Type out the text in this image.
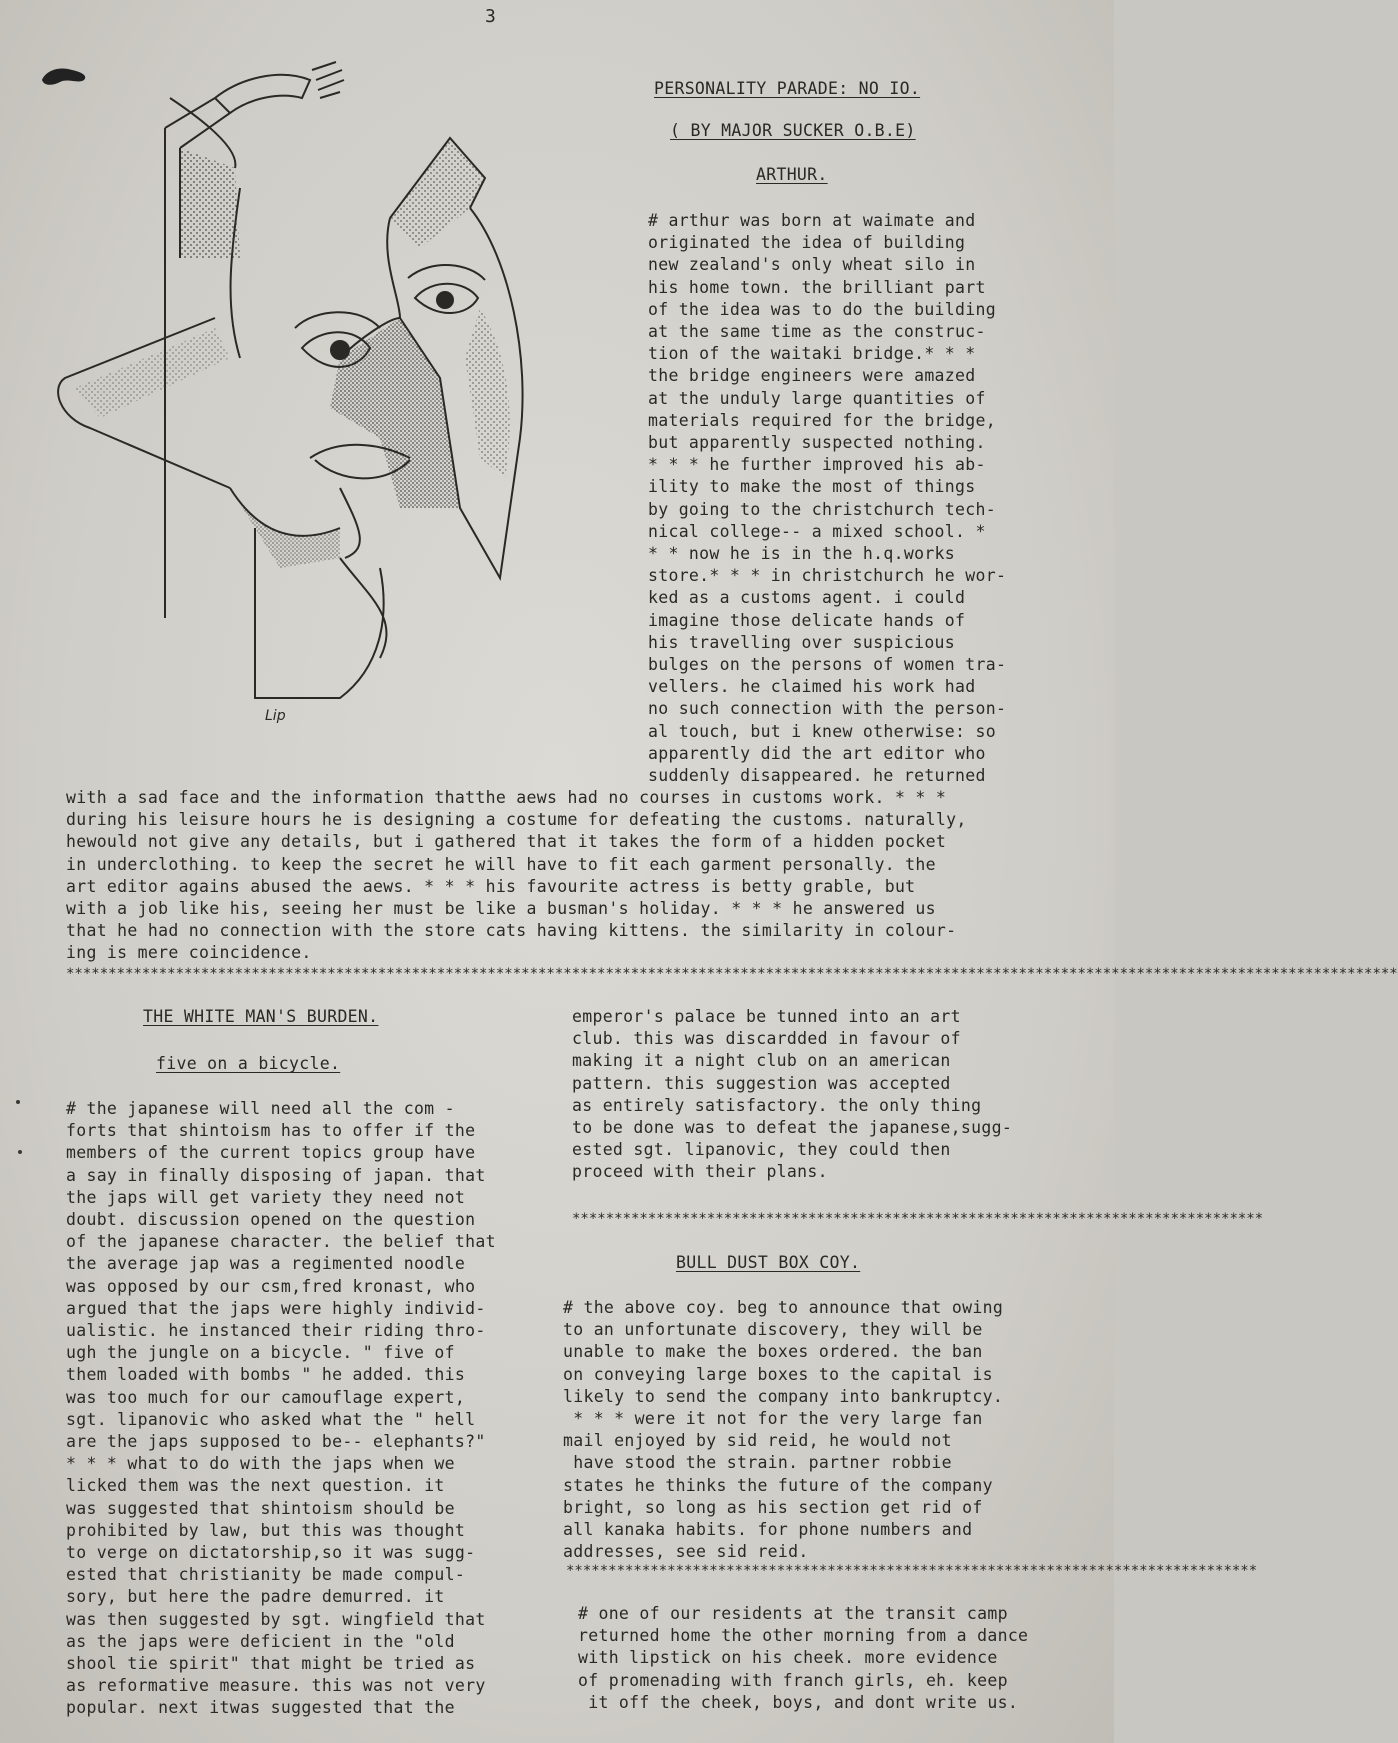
3
Lip
PERSONALITY PARADE: NO IO.
( BY MAJOR SUCKER O.B.E)
ARTHUR.

# arthur was born at waimate and

originated the idea of building

new zealand's only wheat silo in

his home town. the brilliant part

of the idea was to do the building

at the same time as the construc-

tion of the waitaki bridge.* * *

the bridge engineers were amazed

at the unduly large quantities of

materials required for the bridge,

but apparently suspected nothing.

* * * he further improved his ab-

ility to make the most of things

by going to the christchurch tech-

nical college-- a mixed school. *

* * now he is in the h.q.works

store.* * * in christchurch he wor-

ked as a customs agent. i could

imagine those delicate hands of

his travelling over suspicious

bulges on the persons of women tra-

vellers. he claimed his work had

no such connection with the person-

al touch, but i knew otherwise: so

apparently did the art editor who

suddenly disappeared. he returned

with a sad face and the information thatthe aews had no courses in customs work. * * *

during his leisure hours he is designing a costume for defeating the customs. naturally,

hewould not give any details, but i gathered that it takes the form of a hidden pocket

in underclothing. to keep the secret he will have to fit each garment personally. the

art editor agains abused the aews. * * * his favourite actress is betty grable, but

with a job like his, seeing her must be like a busman's holiday. * * * he answered us

that he had no connection with the store cats having kittens. the similarity in colour-

ing is mere coincidence.

**************************************************************************************************************************************************************
THE WHITE MAN'S BURDEN.
five on a bicycle.

# the japanese will need all the com -

forts that shintoism has to offer if the

members of the current topics group have

a say in finally disposing of japan. that

the japs will get variety they need not

doubt. discussion opened on the question

of the japanese character. the belief that

the average jap was a regimented noodle

was opposed by our csm,fred kronast, who

argued that the japs were highly individ-

ualistic. he instanced their riding thro-

ugh the jungle on a bicycle. " five of

them loaded with bombs " he added. this

was too much for our camouflage expert,

sgt. lipanovic who asked what the " hell

are the japs supposed to be-- elephants?"

* * * what to do with the japs when we

licked them was the next question. it

was suggested that shintoism should be

prohibited by law, but this was thought

to verge on dictatorship,so it was sugg-

ested that christianity be made compul-

sory, but here the padre demurred. it

was then suggested by sgt. wingfield that

as the japs were deficient in the "old

shool tie spirit" that might be tried as

as reformative measure. this was not very

popular. next itwas suggested that the

emperor's palace be tunned into an art

club. this was discardded in favour of

making it a night club on an american

pattern. this suggestion was accepted

as entirely satisfactory. the only thing

to be done was to defeat the japanese,sugg-

ested sgt. lipanovic, they could then

proceed with their plans.

**********************************************************************************
BULL DUST BOX COY.

# the above coy. beg to announce that owing

to an unfortunate discovery, they will be

unable to make the boxes ordered. the ban

on conveying large boxes to the capital is

likely to send the company into bankruptcy.

* * * were it not for the very large fan

mail enjoyed by sid reid, he would not

have stood the strain. partner robbie

states he thinks the future of the company

bright, so long as his section get rid of

all kanaka habits. for phone numbers and

addresses, see sid reid.

**********************************************************************************

# one of our residents at the transit camp

returned home the other morning from a dance

with lipstick on his cheek. more evidence

of promenading with franch girls, eh. keep

it off the cheek, boys, and dont write us.
